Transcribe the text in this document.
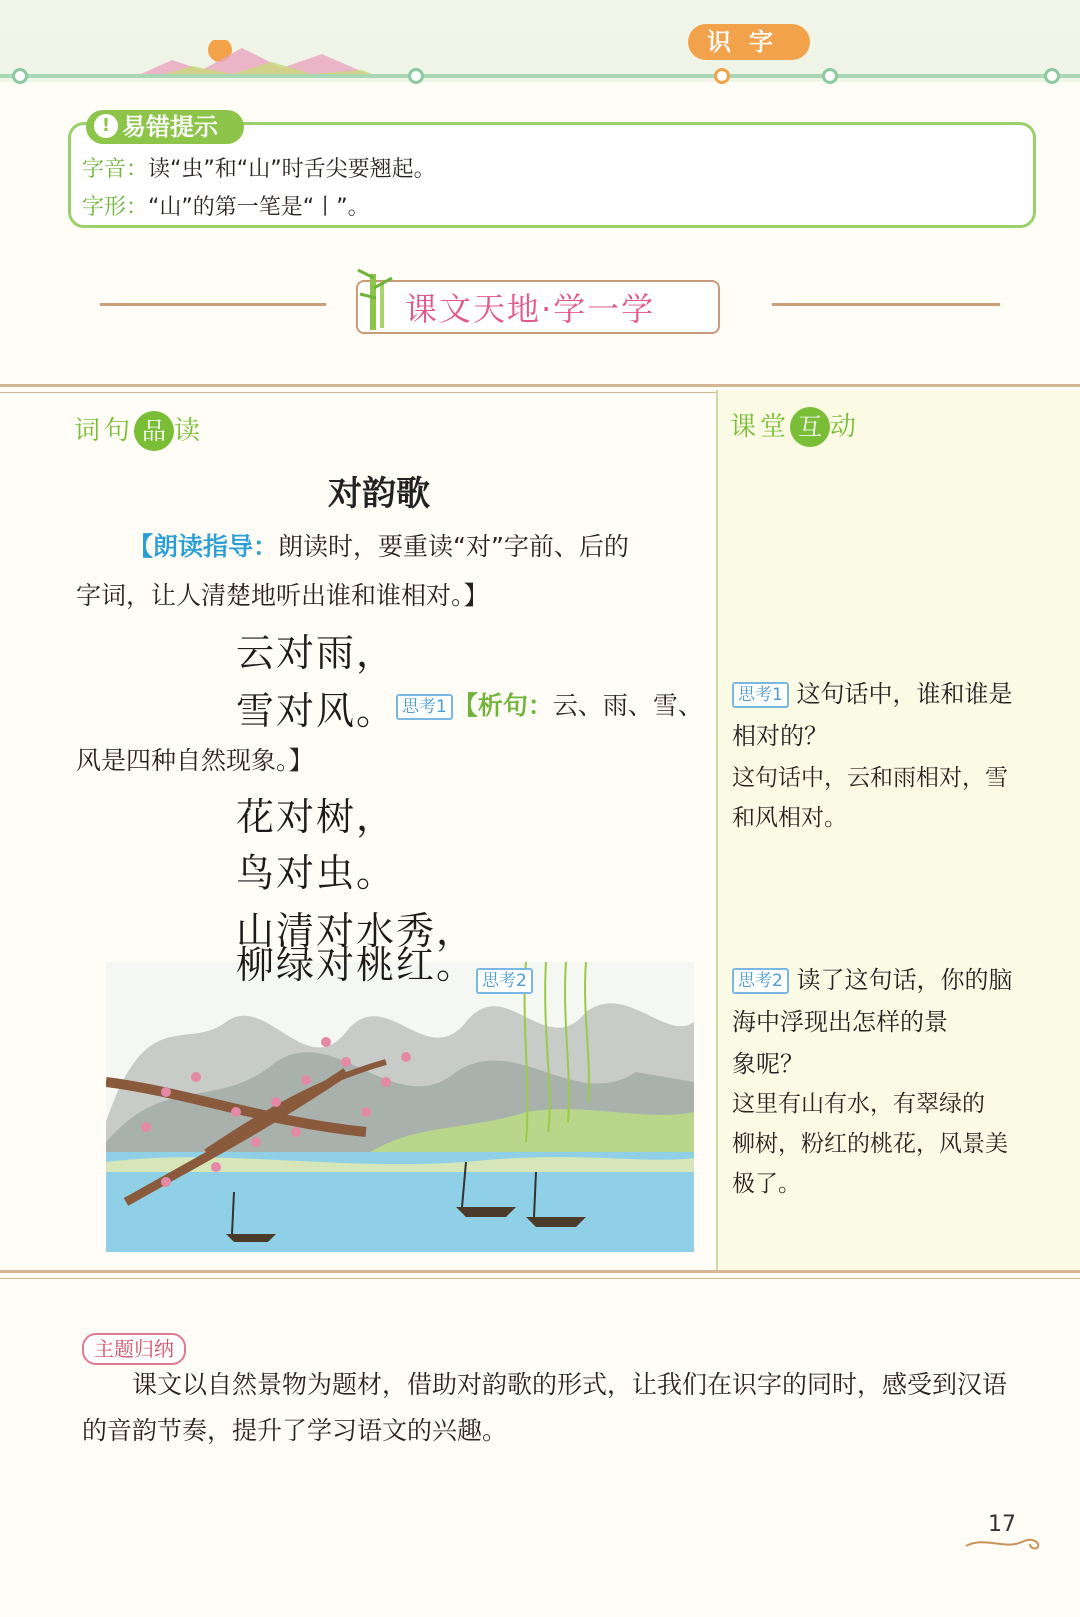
识字
! 易错提示
字音：读“虫”和“山”时舌尖要翘起。
字形：“山”的第一笔是“丨”。
课文天地·学一学
词句 品 读
对韵歌
【朗读指导：朗读时，要重读“对”字前、后的
字词，让人清楚地听出谁和谁相对。】
云对雨，
雪对风。 思考1 【析句：云、雨、雪、
风是四种自然现象。】
花对树，
鸟对虫。
山清对水秀，
柳绿对桃红。 思考2
课堂 互 动
思考1 这句话中，谁和谁是
相对的？
这句话中，云和雨相对，雪
和风相对。
思考2 读了这句话，你的脑
海中浮现出怎样的景
象呢？
这里有山有水，有翠绿的
柳树，粉红的桃花，风景美
极了。
主题归纳
课文以自然景物为题材，借助对韵歌的形式，让我们在识字的同时，感受到汉语
的音韵节奏，提升了学习语文的兴趣。
17
